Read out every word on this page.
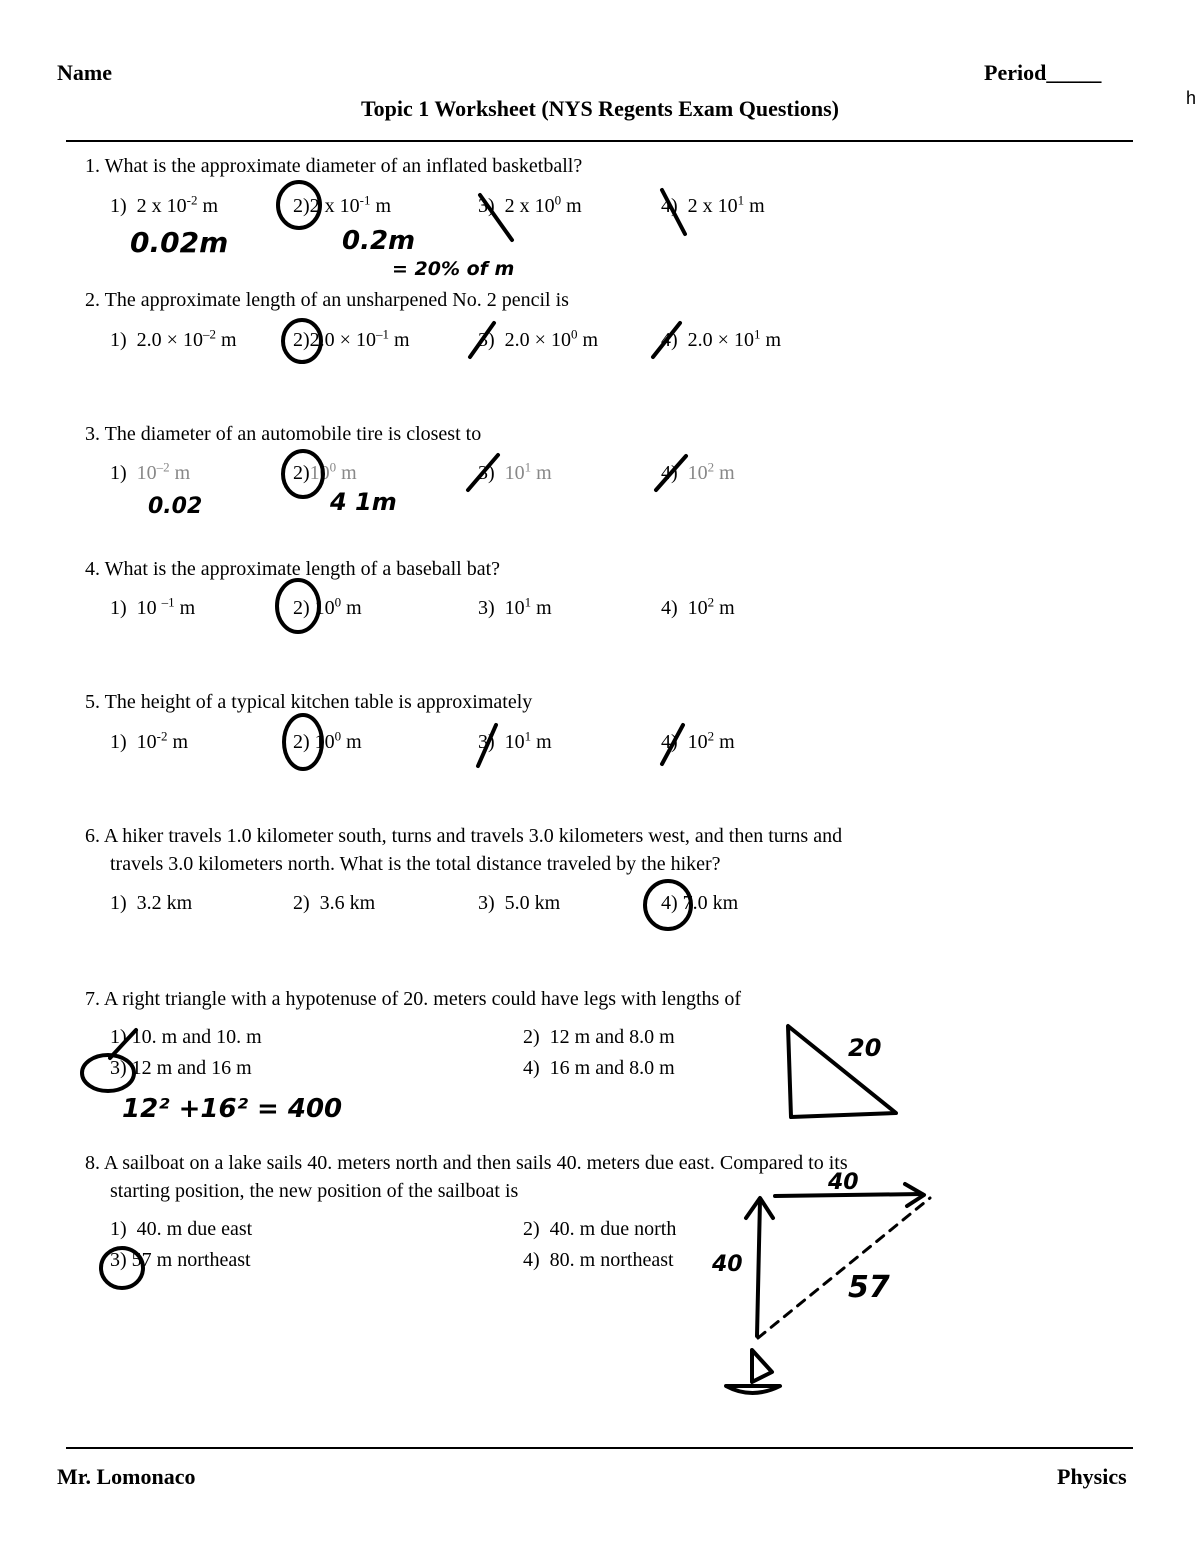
Name	Period_____
h
Topic 1 Worksheet (NYS Regents Exam Questions)
1. What is the approximate diameter of an inflated basketball?
1) 2 x $10^{-2}$ m	2)2 x $10^{-1}$ m	3) 2 x $10^0$ m	4) 2 x $10^1$ m
0.02m	0.2m
= 20% of m
2. The approximate length of an unsharpened No. 2 pencil is
1) $2.0 \times 10^{-2}$ m	$2)2.0 \times 10^{-1}$ m	3) $2.0 \times 10^0$ m	4) $2.0 \times 10^1$ m
3. The diameter of an automobile tire is closest to
1) $10^{-2}$ m	$2)10^0$ m	3) $10^1$ m	4) $10^2$ m
0.02	4 1m
4. What is the approximate length of a baseball bat?
1) 10 $^{-1}$ m	2) $10^0$ m	3) $10^1$ m	4) $10^2$ m
5. The height of a typical kitchen table is approximately
1) $10^{-2}$ m	2) $10^0$ m	3) $10^1$ m	4) $10^2$ m
6. A hiker travels 1.0 kilometer south, turns and travels 3.0 kilometers west, and then turns and
travels 3.0 kilometers north. What is the total distance traveled by the hiker?
1) 3.2 km	2) 3.6 km	3) 5.0 km	4) 7.0 km
7. A right triangle with a hypotenuse of 20. meters could have legs with lengths of
1) 10. m and 10. m	2) 12 m and 8.0 m
3) 12 m and 16 m	4) 16 m and 8.0 m
12² +16² = 400
20
8. A sailboat on a lake sails 40. meters north and then sails 40. meters due east. Compared to its
starting position, the new position of the sailboat is
1) 40. m due east	2) 40. m due north
3) 57 m northeast	4) 80. m northeast
40
40
57
Mr. Lomonaco	Physics
